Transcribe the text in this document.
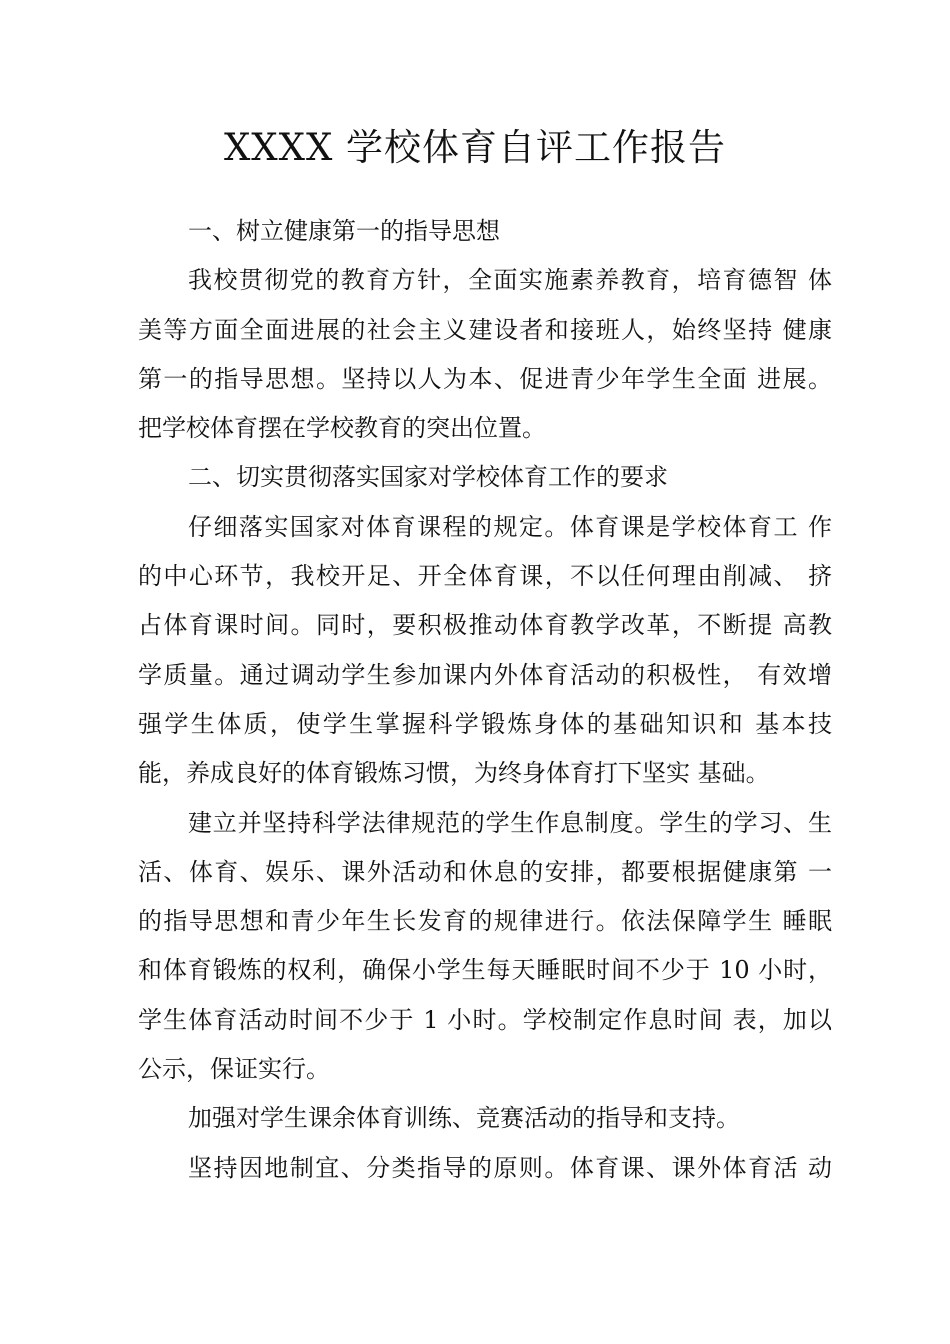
XXXX 学校体育自评工作报告
一、树立健康第一的指导思想
我校贯彻党的教育方针，全面实施素养教育，培育德智 体
美等方面全面进展的社会主义建设者和接班人，始终坚持 健康
第一的指导思想。坚持以人为本、促进青少年学生全面 进展。
把学校体育摆在学校教育的突出位置。
二、切实贯彻落实国家对学校体育工作的要求
仔细落实国家对体育课程的规定。体育课是学校体育工 作
的中心环节，我校开足、开全体育课，不以任何理由削减、 挤
占体育课时间。同时，要积极推动体育教学改革，不断提 高教
学质量。通过调动学生参加课内外体育活动的积极性， 有效增
强学生体质，使学生掌握科学锻炼身体的基础知识和 基本技
能，养成良好的体育锻炼习惯，为终身体育打下坚实 基础。
建立并坚持科学法律规范的学生作息制度。学生的学习、生
活、体育、娱乐、课外活动和休息的安排，都要根据健康第 一
的指导思想和青少年生长发育的规律进行。依法保障学生 睡眠
和体育锻炼的权利，确保小学生每天睡眠时间不少于 10 小时，
学生体育活动时间不少于 1 小时。学校制定作息时间 表，加以
公示，保证实行。
加强对学生课余体育训练、竞赛活动的指导和支持。
坚持因地制宜、分类指导的原则。体育课、课外体育活 动
